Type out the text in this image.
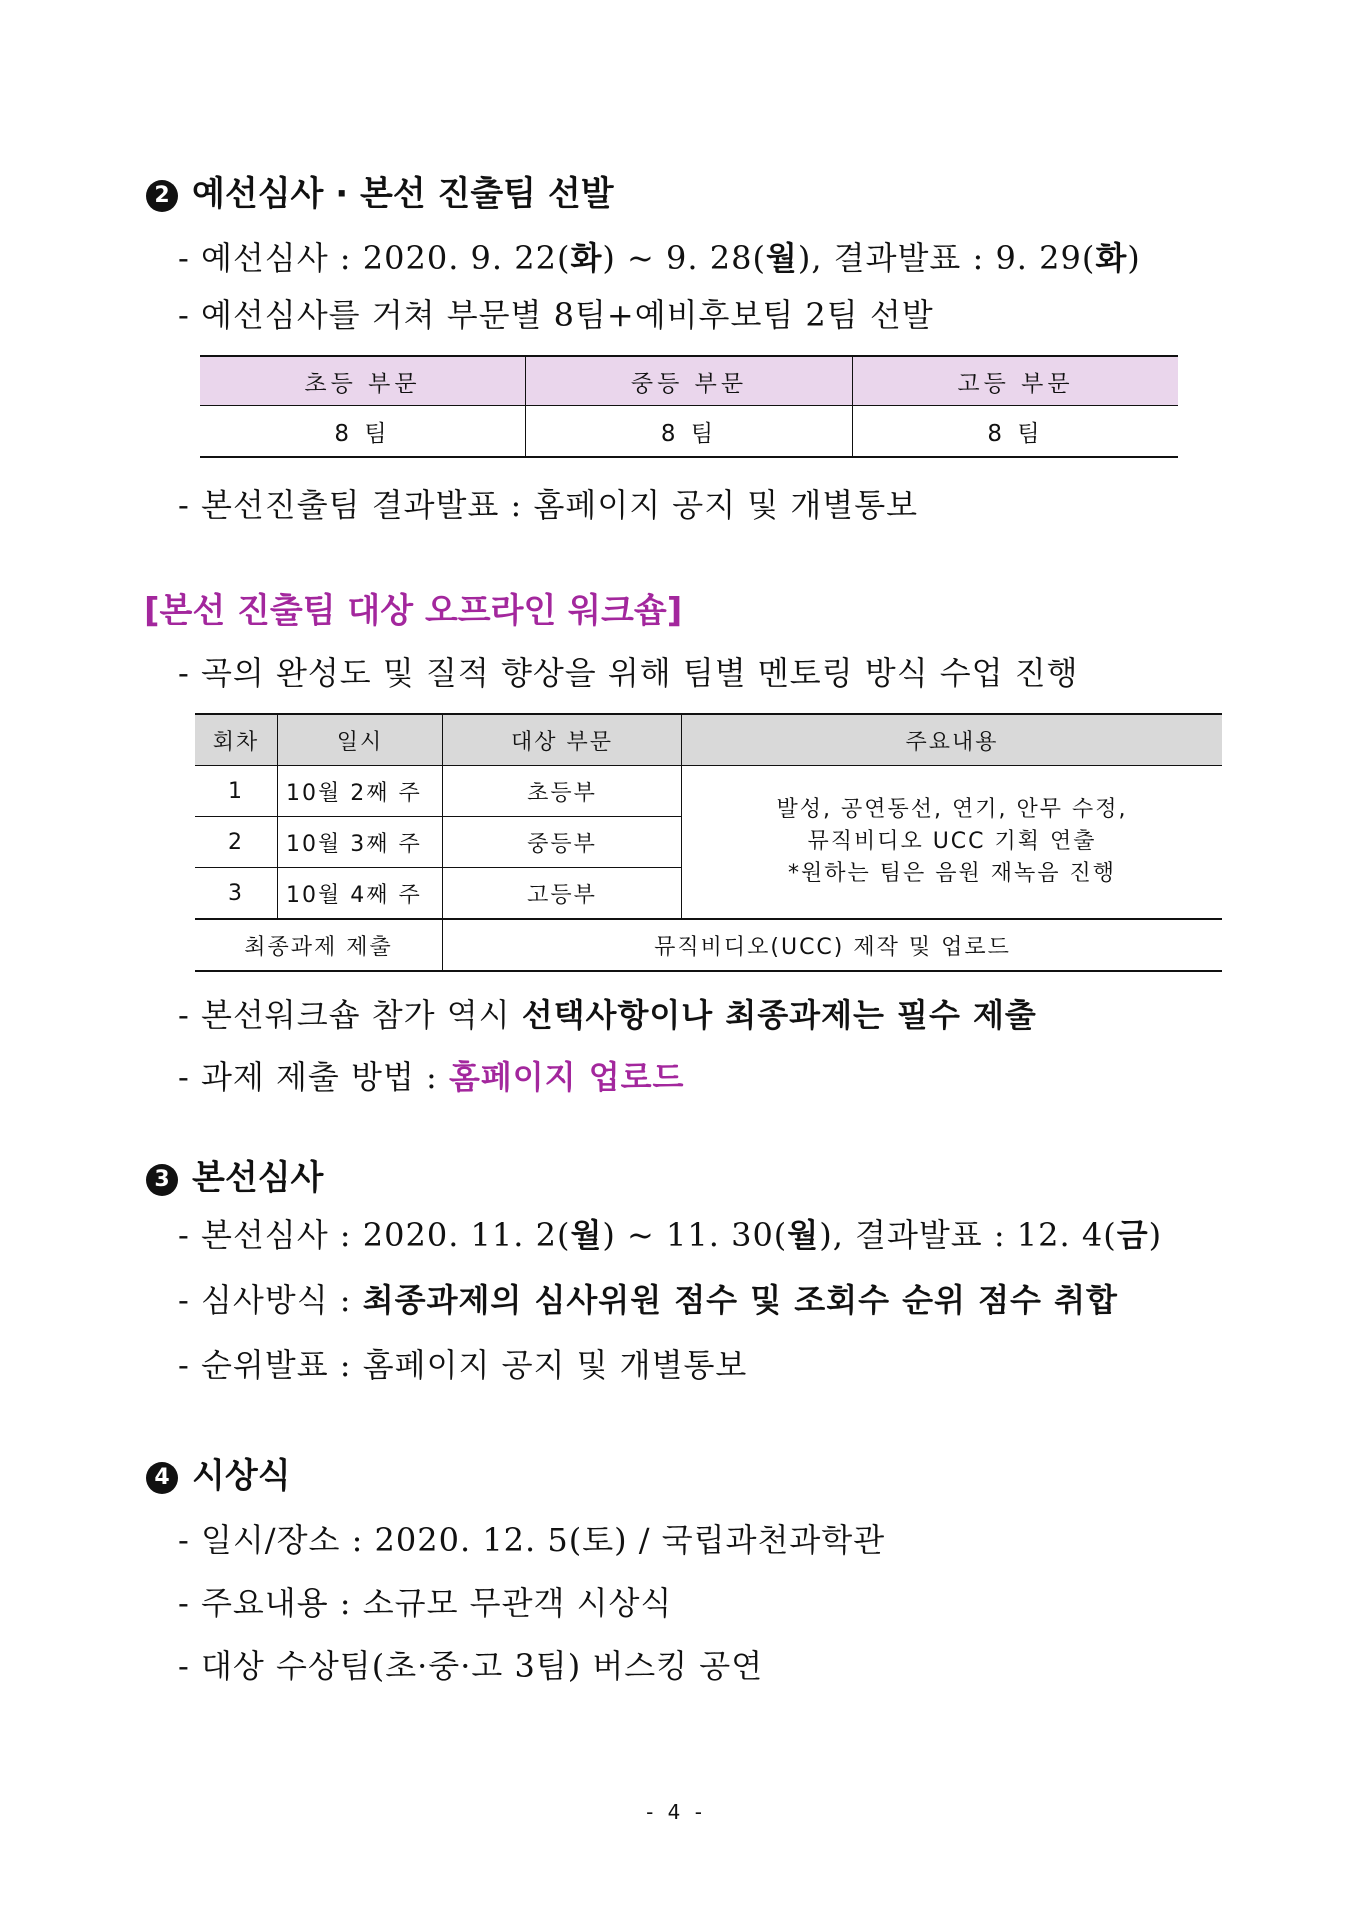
2 예선심사 · 본선 진출팀 선발
- 예선심사 : 2020. 9. 22(화) ~ 9. 28(월), 결과발표 : 9. 29(화)
- 예선심사를 거쳐 부문별 8팀+예비후보팀 2팀 선발
초등 부문	중등 부문	고등 부문
8 팀	8 팀	8 팀
- 본선진출팀 결과발표 : 홈페이지 공지 및 개별통보
[본선 진출팀 대상 오프라인 워크숍]
- 곡의 완성도 및 질적 향상을 위해 팀별 멘토링 방식 수업 진행
회차	일시	대상 부문	주요내용
1	10월 2째 주	초등부	발성, 공연동선, 연기, 안무 수정,
뮤직비디오 UCC 기획 연출
*원하는 팀은 음원 재녹음 진행

2	10월 3째 주	중등부	
3	10월 4째 주	고등부	
최종과제 제출		뮤직비디오(UCC) 제작 및 업로드	
- 본선워크숍 참가 역시 선택사항이나 최종과제는 필수 제출
- 과제 제출 방법 : 홈페이지 업로드
3 본선심사
- 본선심사 : 2020. 11. 2(월) ~ 11. 30(월), 결과발표 : 12. 4(금)
- 심사방식 : 최종과제의 심사위원 점수 및 조회수 순위 점수 취합
- 순위발표 : 홈페이지 공지 및 개별통보
4 시상식
- 일시/장소 : 2020. 12. 5(토) / 국립과천과학관
- 주요내용 : 소규모 무관객 시상식
- 대상 수상팀(초·중·고 3팀) 버스킹 공연
- 4 -
